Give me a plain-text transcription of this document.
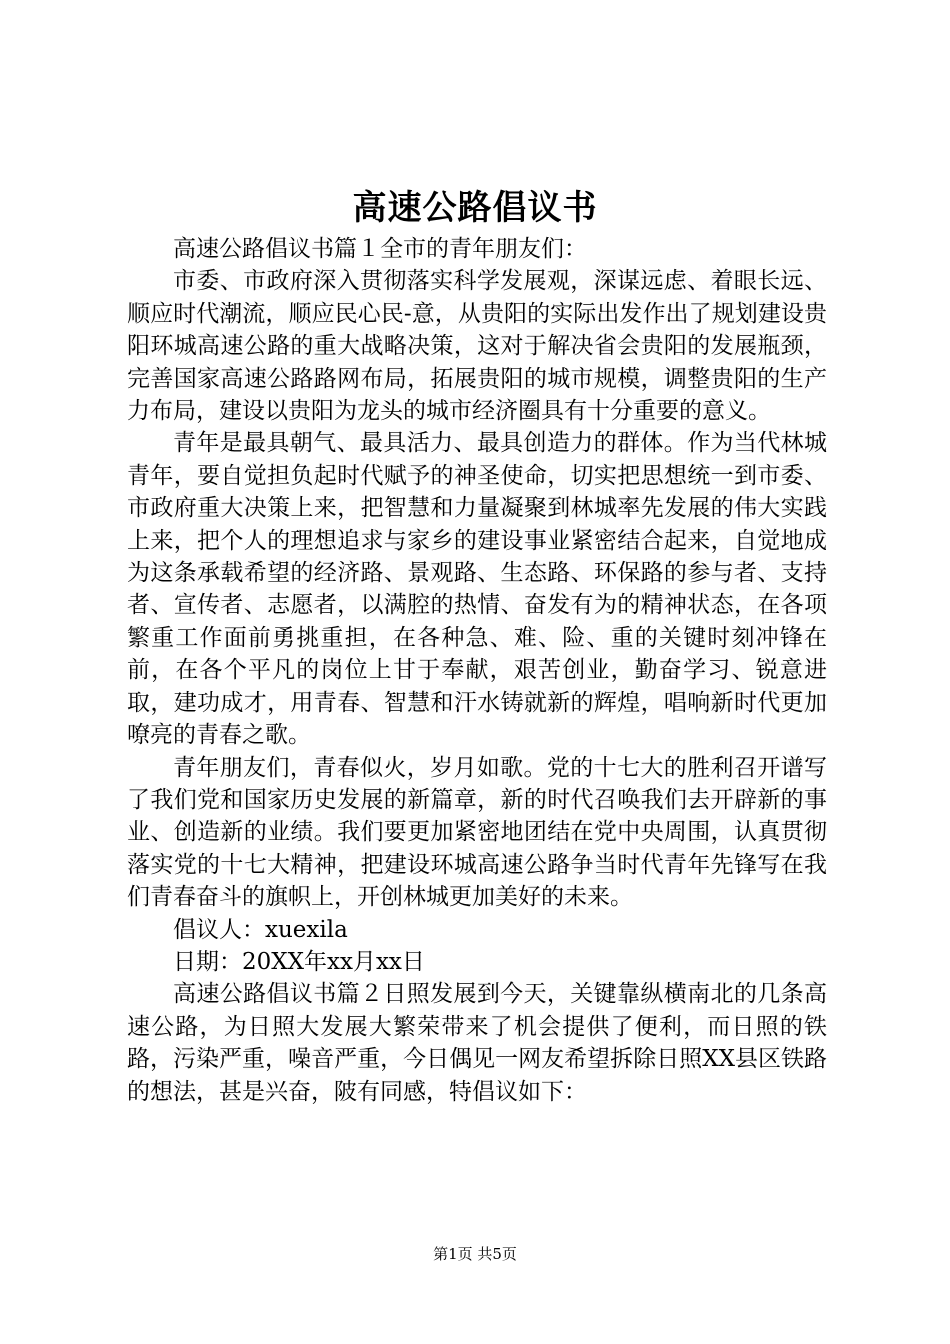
高速公路倡议书

高速公路倡议书篇１全市的青年朋友们：

市委、市政府深入贯彻落实科学发展观，深谋远虑、着眼长远、顺应时代潮流，顺应民心民-意，从贵阳的实际出发作出了规划建设贵阳环城高速公路的重大战略决策，这对于解决省会贵阳的发展瓶颈，完善国家高速公路路网布局，拓展贵阳的城市规模，调整贵阳的生产力布局，建设以贵阳为龙头的城市经济圈具有十分重要的意义。

青年是最具朝气、最具活力、最具创造力的群体。作为当代林城青年，要自觉担负起时代赋予的神圣使命，切实把思想统一到市委、市政府重大决策上来，把智慧和力量凝聚到林城率先发展的伟大实践上来，把个人的理想追求与家乡的建设事业紧密结合起来，自觉地成为这条承载希望的经济路、景观路、生态路、环保路的参与者、支持者、宣传者、志愿者，以满腔的热情、奋发有为的精神状态，在各项繁重工作面前勇挑重担，在各种急、难、险、重的关键时刻冲锋在前，在各个平凡的岗位上甘于奉献，艰苦创业，勤奋学习、锐意进取，建功成才，用青春、智慧和汗水铸就新的辉煌，唱响新时代更加嘹亮的青春之歌。

青年朋友们，青春似火，岁月如歌。党的十七大的胜利召开谱写了我们党和国家历史发展的新篇章，新的时代召唤我们去开辟新的事业、创造新的业绩。我们要更加紧密地团结在党中央周围，认真贯彻落实党的十七大精神，把建设环城高速公路争当时代青年先锋写在我们青春奋斗的旗帜上，开创林城更加美好的未来。

倡议人：xuexila

日期：20XX年xx月xx日

高速公路倡议书篇２日照发展到今天，关键靠纵横南北的几条高速公路，为日照大发展大繁荣带来了机会提供了便利，而日照的铁路，污染严重，噪音严重，今日偶见一网友希望拆除日照XX县区铁路的想法，甚是兴奋，陂有同感，特倡议如下：

第1页 共5页
